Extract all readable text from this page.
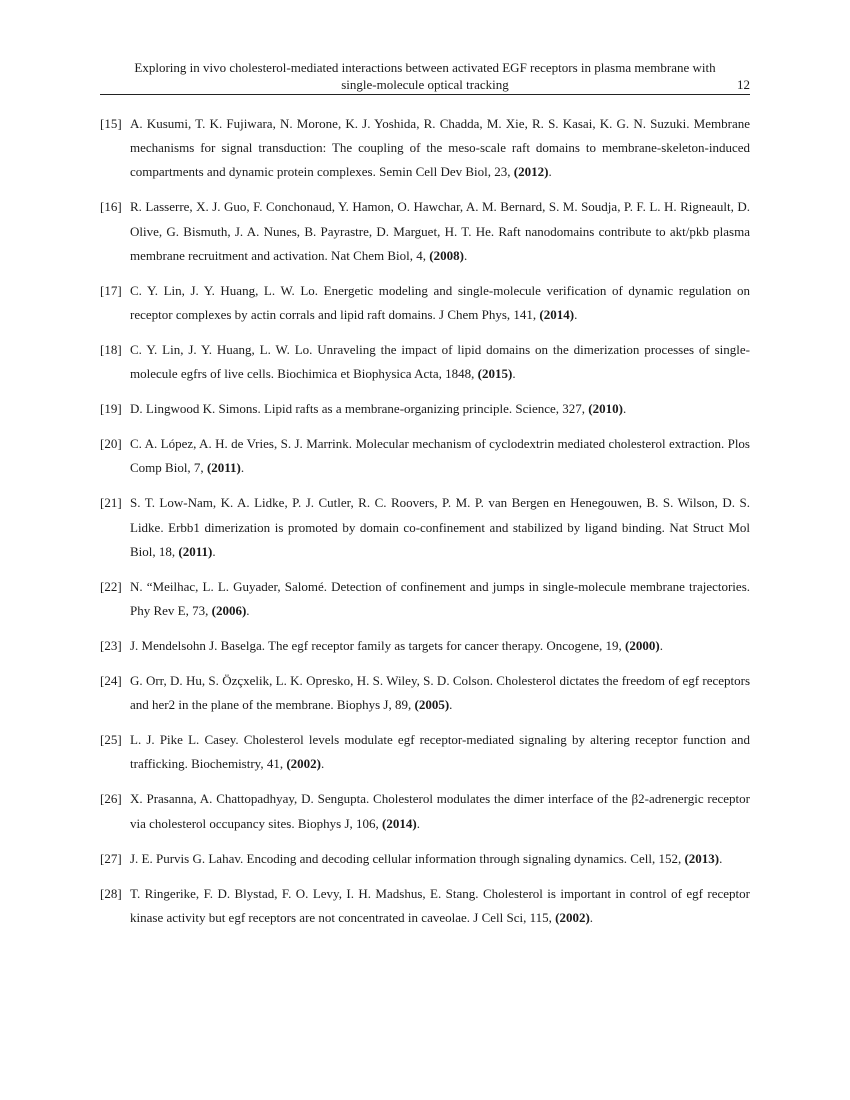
Exploring in vivo cholesterol-mediated interactions between activated EGF receptors in plasma membrane with
single-molecule optical tracking	12
[15] A. Kusumi, T. K. Fujiwara, N. Morone, K. J. Yoshida, R. Chadda, M. Xie, R. S. Kasai, K. G. N. Suzuki. Membrane mechanisms for signal transduction: The coupling of the meso-scale raft domains to membrane-skeleton-induced compartments and dynamic protein complexes. Semin Cell Dev Biol, 23, (2012).
[16] R. Lasserre, X. J. Guo, F. Conchonaud, Y. Hamon, O. Hawchar, A. M. Bernard, S. M. Soudja, P. F. L. H. Rigneault, D. Olive, G. Bismuth, J. A. Nunes, B. Payrastre, D. Marguet, H. T. He. Raft nanodomains contribute to akt/pkb plasma membrane recruitment and activation. Nat Chem Biol, 4, (2008).
[17] C. Y. Lin, J. Y. Huang, L. W. Lo. Energetic modeling and single-molecule verification of dynamic regulation on receptor complexes by actin corrals and lipid raft domains. J Chem Phys, 141, (2014).
[18] C. Y. Lin, J. Y. Huang, L. W. Lo. Unraveling the impact of lipid domains on the dimerization processes of single-molecule egfrs of live cells. Biochimica et Biophysica Acta, 1848, (2015).
[19] D. Lingwood K. Simons. Lipid rafts as a membrane-organizing principle. Science, 327, (2010).
[20] C. A. López, A. H. de Vries, S. J. Marrink. Molecular mechanism of cyclodextrin mediated cholesterol extraction. Plos Comp Biol, 7, (2011).
[21] S. T. Low-Nam, K. A. Lidke, P. J. Cutler, R. C. Roovers, P. M. P. van Bergen en Henegouwen, B. S. Wilson, D. S. Lidke. Erbb1 dimerization is promoted by domain co-confinement and stabilized by ligand binding. Nat Struct Mol Biol, 18, (2011).
[22] N. “Meilhac, L. L. Guyader, Salomé. Detection of confinement and jumps in single-molecule membrane trajectories. Phy Rev E, 73, (2006).
[23] J. Mendelsohn J. Baselga. The egf receptor family as targets for cancer therapy. Oncogene, 19, (2000).
[24] G. Orr, D. Hu, S. Özçxelik, L. K. Opresko, H. S. Wiley, S. D. Colson. Cholesterol dictates the freedom of egf receptors and her2 in the plane of the membrane. Biophys J, 89, (2005).
[25] L. J. Pike L. Casey. Cholesterol levels modulate egf receptor-mediated signaling by altering receptor function and trafficking. Biochemistry, 41, (2002).
[26] X. Prasanna, A. Chattopadhyay, D. Sengupta. Cholesterol modulates the dimer interface of the β2-adrenergic receptor via cholesterol occupancy sites. Biophys J, 106, (2014).
[27] J. E. Purvis G. Lahav. Encoding and decoding cellular information through signaling dynamics. Cell, 152, (2013).
[28] T. Ringerike, F. D. Blystad, F. O. Levy, I. H. Madshus, E. Stang. Cholesterol is important in control of egf receptor kinase activity but egf receptors are not concentrated in caveolae. J Cell Sci, 115, (2002).
